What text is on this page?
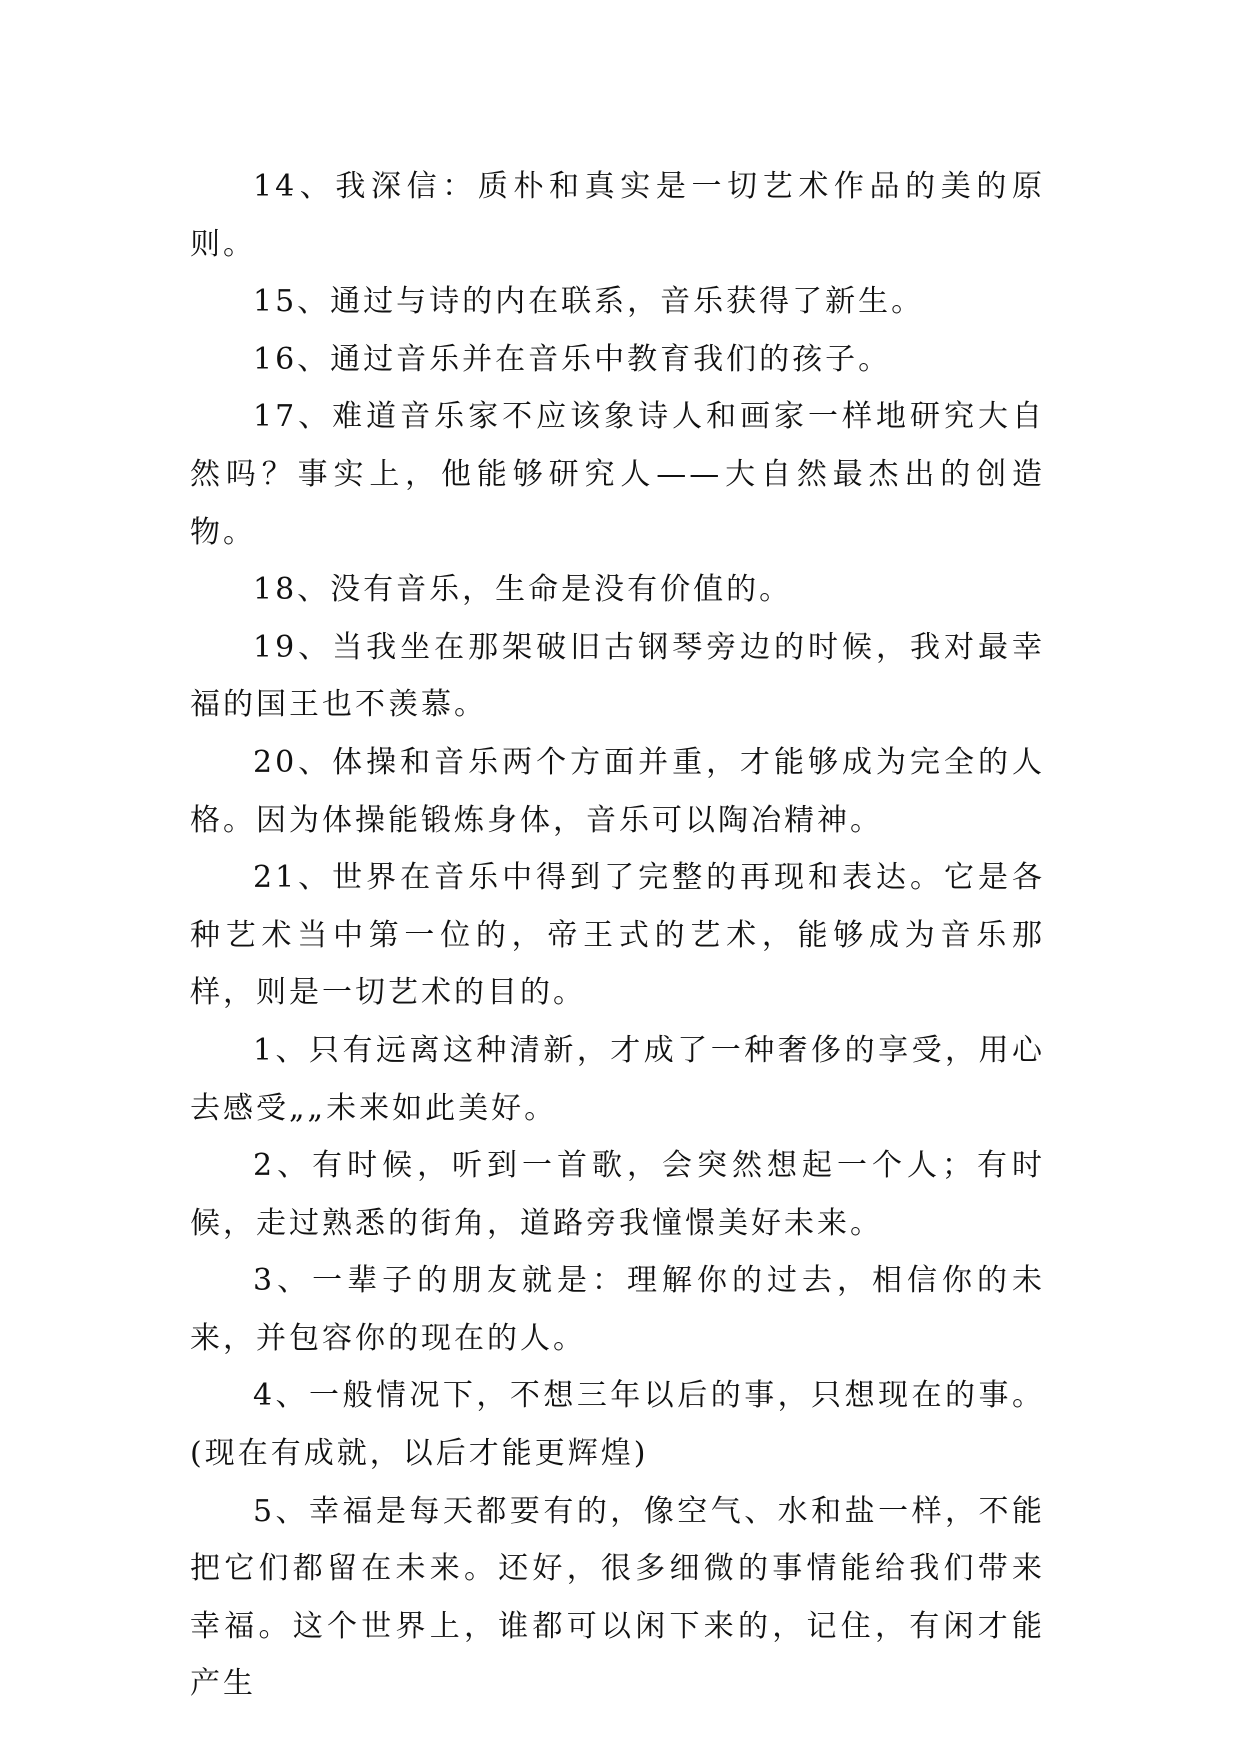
14、我深信：质朴和真实是一切艺术作品的美的原则。

15、通过与诗的内在联系，音乐获得了新生。

16、通过音乐并在音乐中教育我们的孩子。

17、难道音乐家不应该象诗人和画家一样地研究大自然吗？事实上，他能够研究人——大自然最杰出的创造物。

18、没有音乐，生命是没有价值的。

19、当我坐在那架破旧古钢琴旁边的时候，我对最幸福的国王也不羡慕。

20、体操和音乐两个方面并重，才能够成为完全的人格。因为体操能锻炼身体，音乐可以陶冶精神。

21、世界在音乐中得到了完整的再现和表达。它是各种艺术当中第一位的，帝王式的艺术，能够成为音乐那样，则是一切艺术的目的。

1、只有远离这种清新，才成了一种奢侈的享受，用心去感受„„未来如此美好。

2、有时候，听到一首歌，会突然想起一个人；有时候，走过熟悉的街角，道路旁我憧憬美好未来。

3、一辈子的朋友就是：理解你的过去，相信你的未来，并包容你的现在的人。

4、一般情况下，不想三年以后的事，只想现在的事。(现在有成就，以后才能更辉煌)

5、幸福是每天都要有的，像空气、水和盐一样，不能把它们都留在未来。还好，很多细微的事情能给我们带来幸福。这个世界上，谁都可以闲下来的，记住，有闲才能产生
